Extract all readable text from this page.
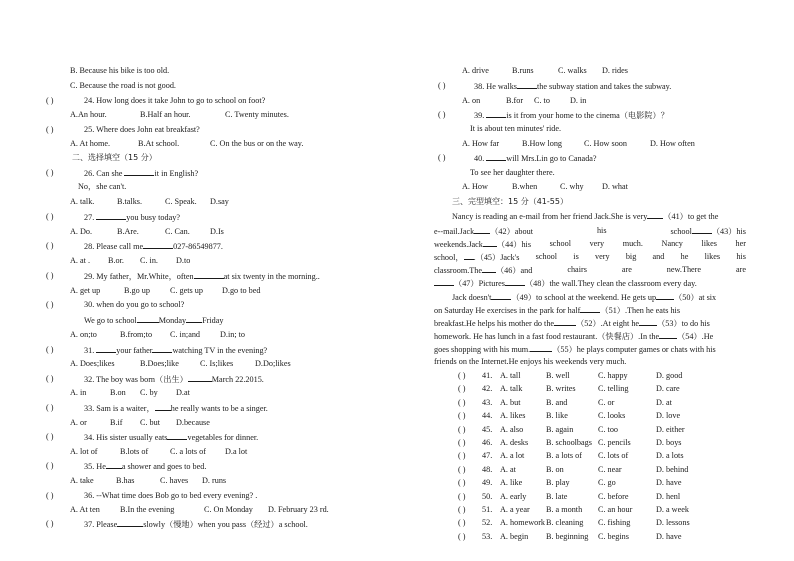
B. Because his bike is too old.
C. Because the road is not good.
( )	24. How long does it take John to go to school on foot?
A.An hour.	B.Half an hour.	C. Twenty minutes.
( )	25. Where does John eat breakfast?
A. At home.	B.At school.	C. On the bus or on the way.
二、选择填空（15 分）
( )	26. Can she	it in English?
No，she can't.
A. talk.	B.talks.	C. Speak. D.say
( )	27.	you busy today?
A. Do.	B.Are.	C. Can. D.Is
( )	28. Please call me	027-86549877.
A. at . B.or. C. in. D.to
( )	29. My father，Mr.White，often	at six twenty in the morning..
A. get up	B.go up C. gets up D.go to bed
( )	30. when do you go to school?
We go to school	Monday Friday
A. on;to	B.from;to C. in;and D.in; to
( )	31. your father watching TV in the evening?
A. Does;likes	B.Does;like	C. Is;likes	D.Do;likes
( )	32. The boy was born（出生）	March 22.2015.
A. in	B.on C. by D.at
( )	33. Sam is a waiter， he really wants to be a singer.
A. or	B.if C. but D.because
( )	34. His sister usually eats vegetables for dinner.
A. lot of	B.lots of	C. a lots of D.a lot
( )	35. He a shower and goes to bed.
A. take	B.has	C. haves D. runs
( )	36. --What time does Bob go to bed every evening? .
A. At ten B.In the evening	C. On Monday D. February 23 rd.
( )	37. Please	slowly（慢地）when you pass（经过）a school.
A. drive	B.runs	C. walks D. rides
( )	38. He walks the subway station and takes the subway.
A. on	B.for C. to D. in
( )	39. is it from your home to the cinema（电影院）？
It is about ten minutes' ride.
A. How far	B.How long	C. How soon	D. How often
( )	40. will Mrs.Lin go to Canada?
To see her daughter there.
A. How	B.when	C. why D. what
三、完型填空：15 分（41-55）
Nancy is reading an e-mail from her friend Jack.She is very （41）to get the
e--mail.Jack （42）about	his	school （43）his
weekends.Jack （44）his school very much. Nancy likes her
school， .（45）Jack's school is very big and he likes his
classroom.The （46）and	chairs	are	new.There	are
（47）Pictures （48）the wall.They clean the classroom every day.
Jack doesn't （49）to school at the weekend. He gets up （50）at six
on Saturday He exercises in the park for half （51）.Then he eats his
breakfast.He helps his mother do the	（52）.At eight he （53）to do his
homework. He has lunch in a fast food restaurant.（快餐店）.In the （54）.He
goes shopping with his mum.	（55）he plays computer games or chats with his
friends on the Internet.He enjoys his weekends very much.
( ) 41. A. tall	B. well	C. happy	D. good
( ) 42. A. talk	B. writes	C. telling	D. care
( ) 43. A. but	B. and	C. or	D. at
( ) 44. A. likes	B. like	C. looks	D. love
( ) 45. A. also	B. again	C. too	D. either
( ) 46. A. desks B. schoolbags C. pencils	D. boys
( ) 47. A. a lot	B. a lots of C. lots of	D. a lots
( ) 48. A. at	B. on	C. near	D. behind
( ) 49. A. like	B. play	C. go	D. have
( ) 50. A. early B. late	C. before	D. henl
( ) 51. A. a year B. a month C. an hour	D. a week
( ) 52. A. homework B. cleaning C. fishing	D. lessons
( ) 53. A. begin B. beginning C. begins	D. have
